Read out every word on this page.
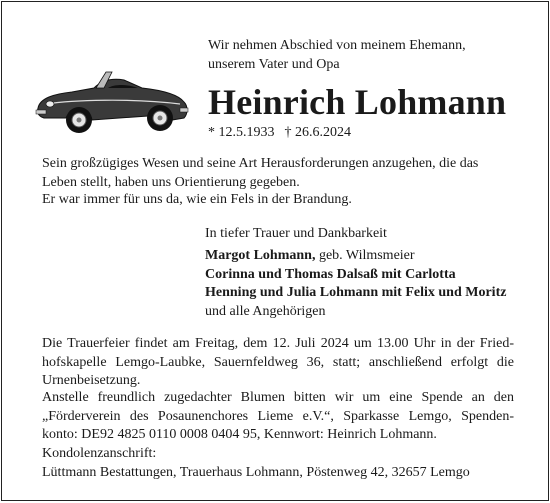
Wir nehmen Abschied von meinem Ehemann,
unserem Vater und Opa
Heinrich Lohmann
* 12.5.1933 † 26.6.2024
Sein großzügiges Wesen und seine Art Herausforderungen anzugehen, die das
Leben stellt, haben uns Orientierung gegeben.
Er war immer für uns da, wie ein Fels in der Brandung.
In tiefer Trauer und Dankbarkeit
Margot Lohmann, geb. Wilmsmeier
Corinna und Thomas Dalsaß mit Carlotta
Henning und Julia Lohmann mit Felix und Moritz
und alle Angehörigen
Die Trauerfeier findet am Freitag, dem 12. Juli 2024 um 13.00 Uhr in der Fried-
hofskapelle Lemgo-Laubke, Sauernfeldweg 36, statt; anschließend erfolgt die
Urnenbeisetzung.
Anstelle freundlich zugedachter Blumen bitten wir um eine Spende an den
„Förderverein des Posaunenchores Lieme e.V.“, Sparkasse Lemgo, Spenden-
konto: DE92 4825 0110 0008 0404 95, Kennwort: Heinrich Lohmann.
Kondolenzanschrift:
Lüttmann Bestattungen, Trauerhaus Lohmann, Pöstenweg 42, 32657 Lemgo
